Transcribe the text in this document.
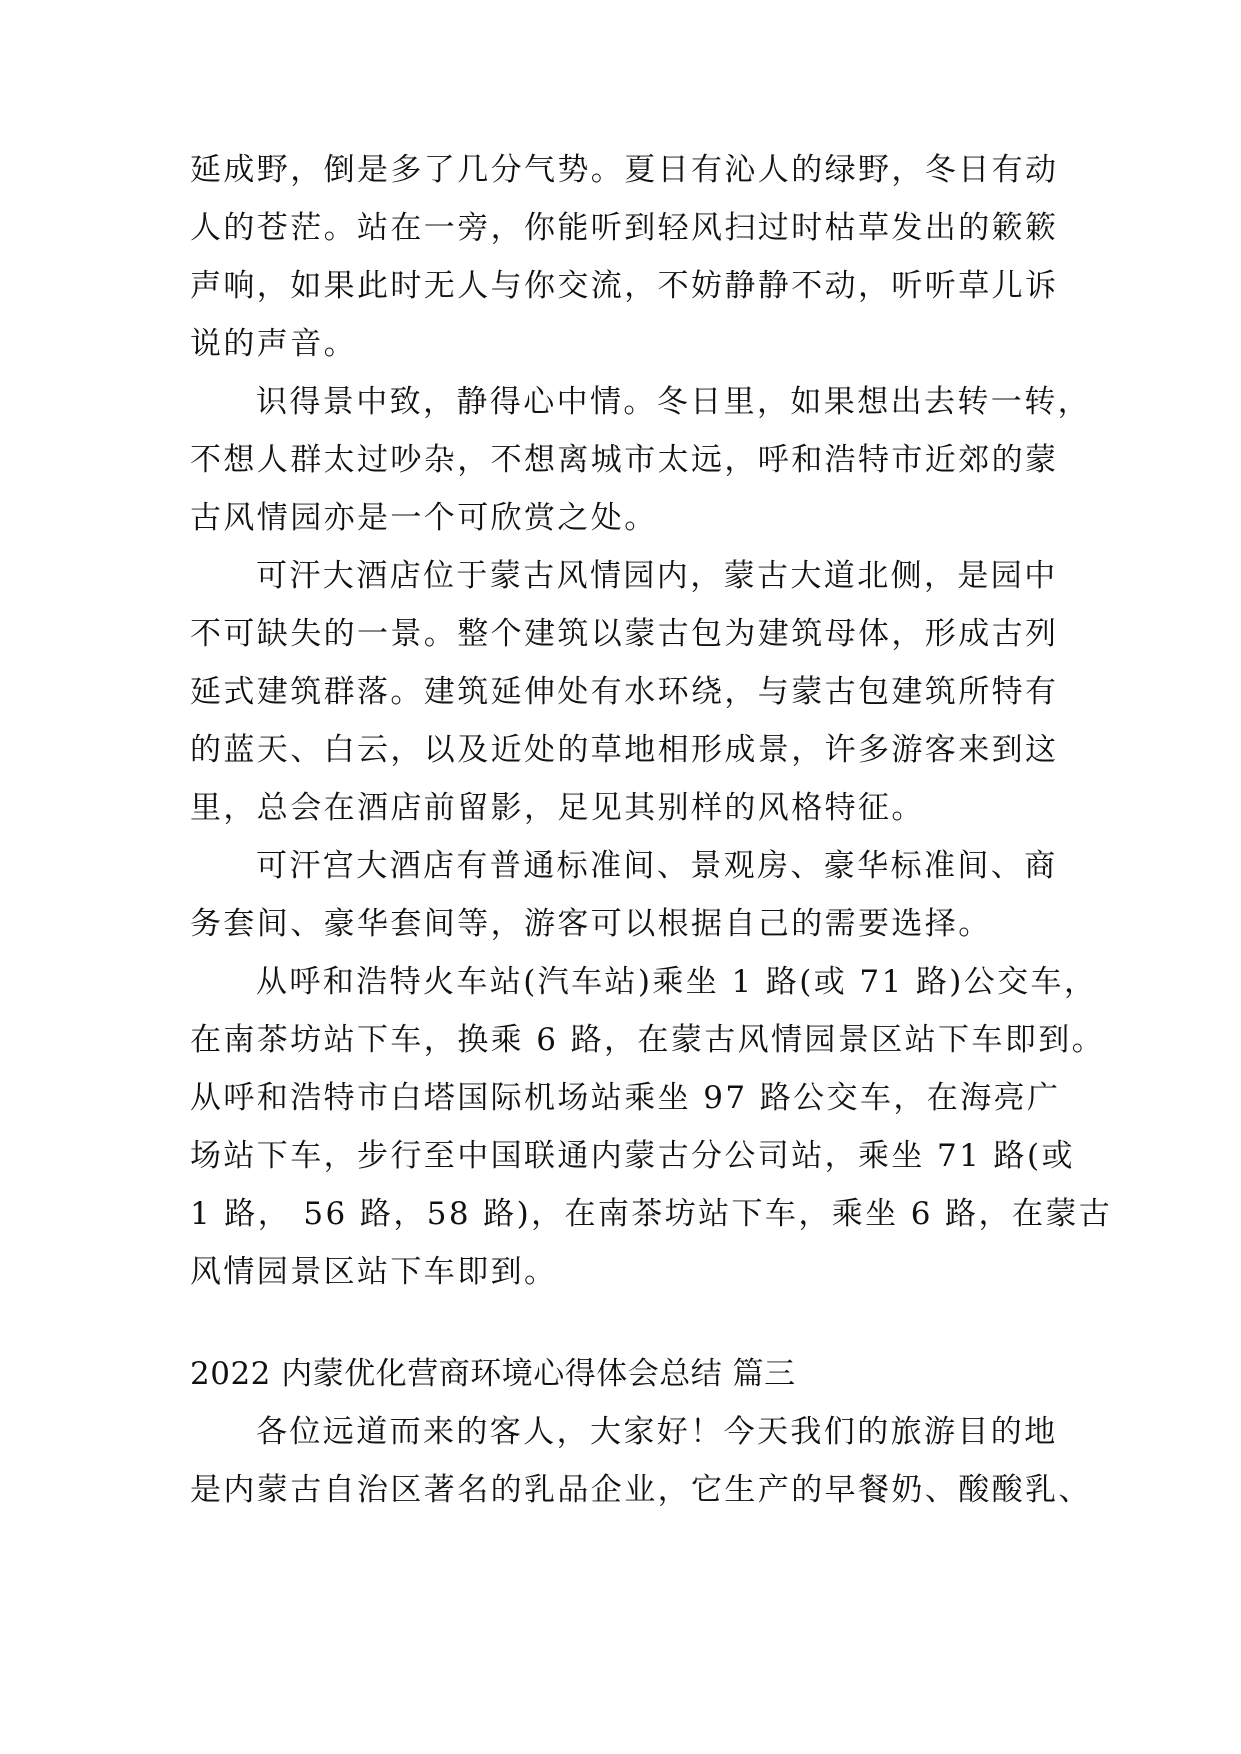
延成野，倒是多了几分气势。夏日有沁人的绿野，冬日有动

人的苍茫。站在一旁，你能听到轻风扫过时枯草发出的簌簌

声响，如果此时无人与你交流，不妨静静不动，听听草儿诉

说的声音。

识得景中致，静得心中情。冬日里，如果想出去转一转，

不想人群太过吵杂，不想离城市太远，呼和浩特市近郊的蒙

古风情园亦是一个可欣赏之处。

可汗大酒店位于蒙古风情园内，蒙古大道北侧，是园中

不可缺失的一景。整个建筑以蒙古包为建筑母体，形成古列

延式建筑群落。建筑延伸处有水环绕，与蒙古包建筑所特有

的蓝天、白云，以及近处的草地相形成景，许多游客来到这

里，总会在酒店前留影，足见其别样的风格特征。

可汗宫大酒店有普通标准间、景观房、豪华标准间、商

务套间、豪华套间等，游客可以根据自己的需要选择。

从呼和浩特火车站(汽车站)乘坐 1 路(或 71 路)公交车，

在南茶坊站下车，换乘 6 路，在蒙古风情园景区站下车即到。

从呼和浩特市白塔国际机场站乘坐 97 路公交车，在海亮广

场站下车，步行至中国联通内蒙古分公司站，乘坐 71 路(或

1 路， 56 路，58 路)，在南茶坊站下车，乘坐 6 路，在蒙古

风情园景区站下车即到。

2022 内蒙优化营商环境心得体会总结 篇三

各位远道而来的客人，大家好！今天我们的旅游目的地

是内蒙古自治区著名的乳品企业，它生产的早餐奶、酸酸乳、
